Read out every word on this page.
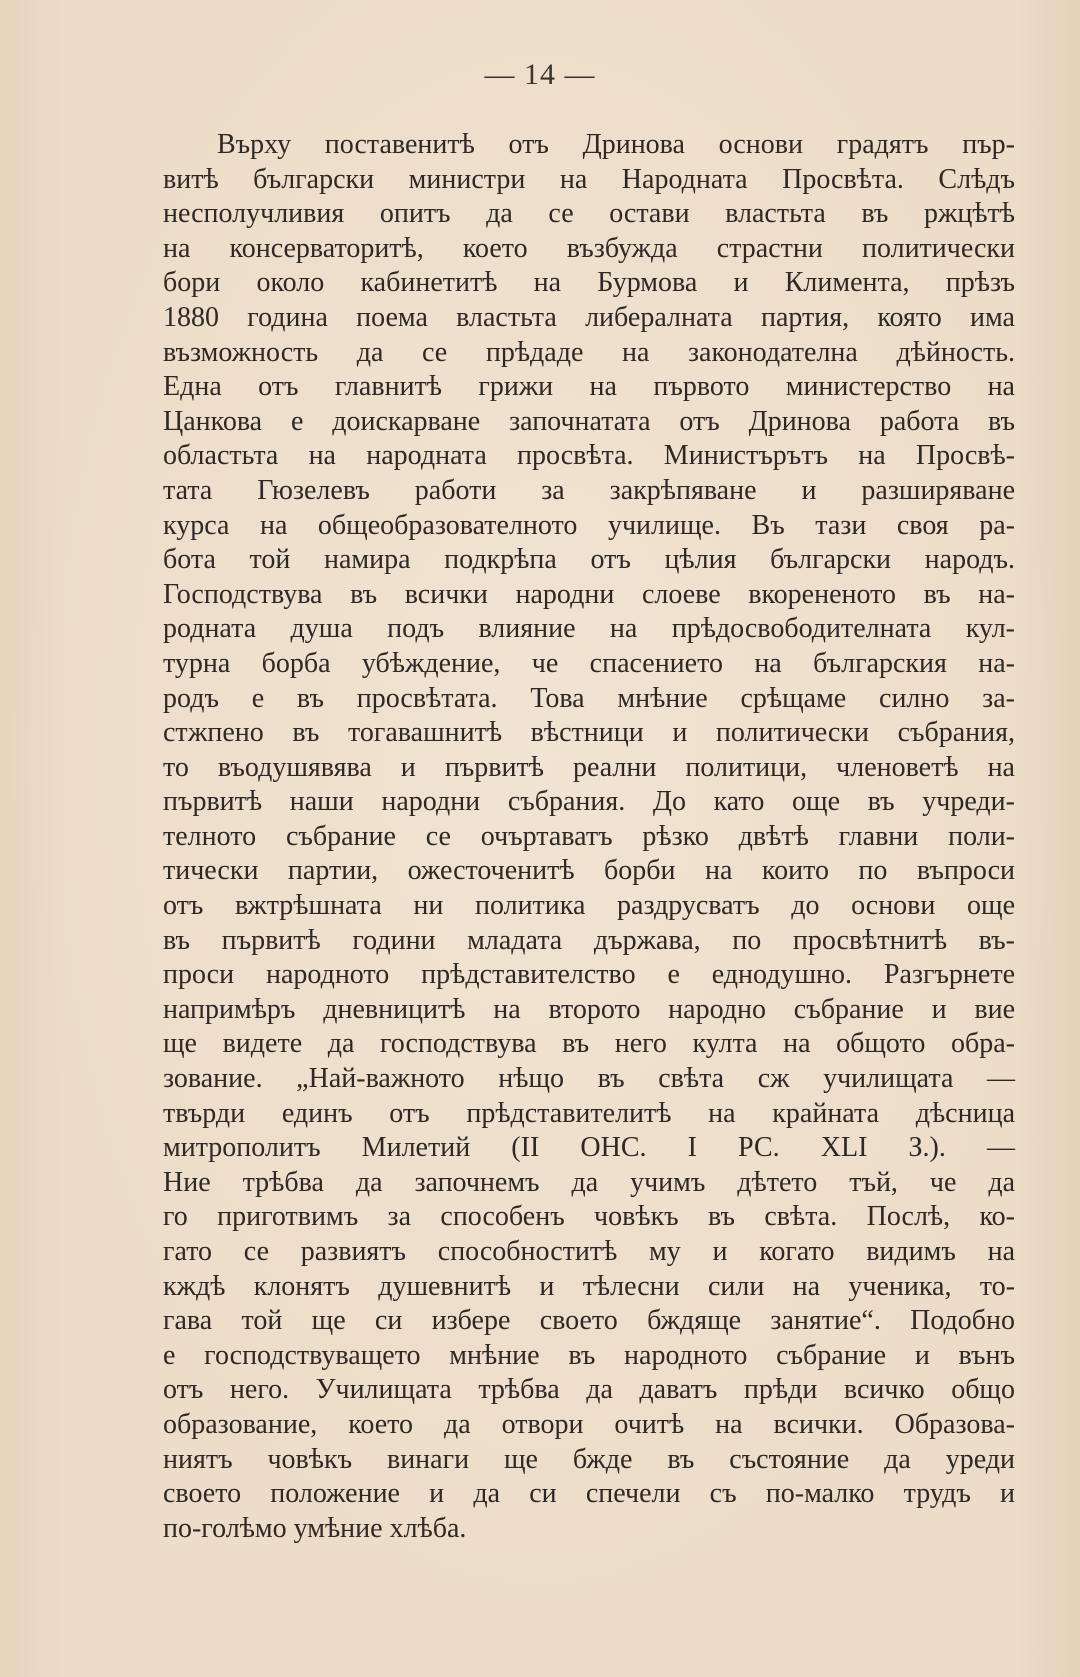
— 14 —
Върху поставенитѣ отъ Дринова основи градятъ пър-
витѣ български министри на Народната Просвѣта. Слѣдъ
несполучливия опитъ да се остави властьта въ ржцѣтѣ
на консерваторитѣ, което възбужда страстни политически
бори около кабинетитѣ на Бурмова и Климента, прѣзъ
1880 година поема властьта либералната партия, която има
възможность да се прѣдаде на законодателна дѣйность.
Една отъ главнитѣ грижи на първото министерство на
Цанкова е доискарване започнатата отъ Дринова работа въ
областьта на народната просвѣта. Министърътъ на Просвѣ-
тата Гюзелевъ работи за закрѣпяване и разширяване
курса на общеобразователното училище. Въ тази своя ра-
бота той намира подкрѣпа отъ цѣлия български народъ.
Господствува въ всички народни слоеве вкорененото въ на-
родната душа подъ влияние на прѣдосвободителната кул-
турна борба убѣждение, че спасението на българския на-
родъ е въ просвѣтата. Това мнѣние срѣщаме силно за-
стжпено въ тогавашнитѣ вѣстници и политически събрания,
то въодушявява и първитѣ реални политици, членоветѣ на
първитѣ наши народни събрания. До като още въ учреди-
телното събрание се очъртаватъ рѣзко двѣтѣ главни поли-
тически партии, ожесточенитѣ борби на които по въпроси
отъ вжтрѣшната ни политика раздрусватъ до основи още
въ първитѣ години младата държава, по просвѣтнитѣ въ-
проси народното прѣдставителство е еднодушно. Разгърнете
напримѣръ дневницитѣ на второто народно събрание и вие
ще видете да господствува въ него култа на общото обра-
зование. „Най-важното нѣщо въ свѣта сж училищата —
твърди единъ отъ прѣдставителитѣ на крайната дѣсница
митрополитъ Милетий (II ОНС. I РС. XLI З.). —
Ние трѣбва да започнемъ да учимъ дѣтето тъй, че да
го приготвимъ за способенъ човѣкъ въ свѣта. Послѣ, ко-
гато се развиятъ способноститѣ му и когато видимъ на
кждѣ клонятъ душевнитѣ и тѣлесни сили на ученика, то-
гава той ще си избере своето бждяще занятие“. Подобно
е господствуващето мнѣние въ народното събрание и вънъ
отъ него. Училищата трѣбва да даватъ прѣди всичко общо
образование, което да отвори очитѣ на всички. Образова-
ниятъ човѣкъ винаги ще бжде въ състояние да уреди
своето положение и да си спечели съ по-малко трудъ и
по-голѣмо умѣние хлѣба.
